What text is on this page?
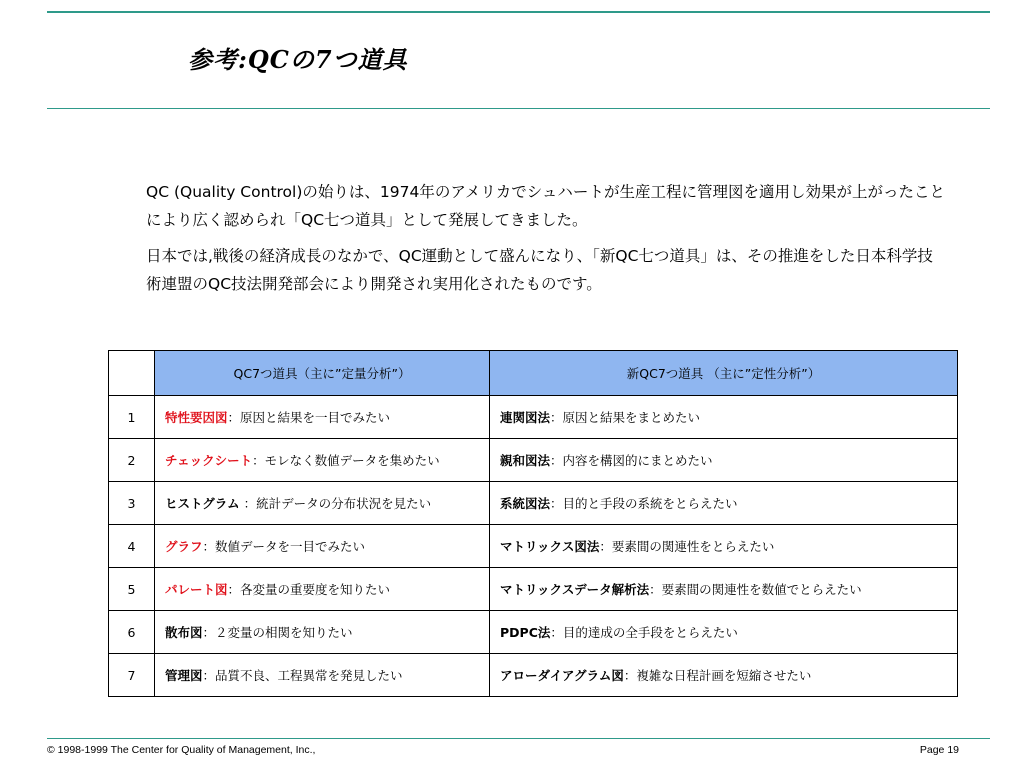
参考:QCの7つ道具

QC (Quality Control)の始りは、1974年のアメリカでシュハートが生産工程に管理図を適用し効果が上がったことにより広く認められ「QC七つ道具」として発展してきました。

日本では,戦後の経済成長のなかで、QC運動として盛んになり、「新QC七つ道具」は、その推進をした日本科学技術連盟のQC技法開発部会により開発され実用化されたものです。

	QC7つ道具（主に”定量分析”）	新QC7つ道具 （主に”定性分析”）
1	特性要因図：原因と結果を一目でみたい	連関図法：原因と結果をまとめたい
2	チェックシート：モレなく数値データを集めたい	親和図法：内容を構図的にまとめたい
3	ヒストグラム ：統計データの分布状況を見たい	系統図法：目的と手段の系統をとらえたい
4	グラフ：数値データを一目でみたい	マトリックス図法：要素間の関連性をとらえたい
5	パレート図：各変量の重要度を知りたい	マトリックスデータ解析法：要素間の関連性を数値でとらえたい
6	散布図：２変量の相関を知りたい	PDPC法：目的達成の全手段をとらえたい
7	管理図：品質不良、工程異常を発見したい	アローダイアグラム図：複雑な日程計画を短縮させたい
© 1998-1999 The Center for Quality of Management, Inc.,	Page 19
